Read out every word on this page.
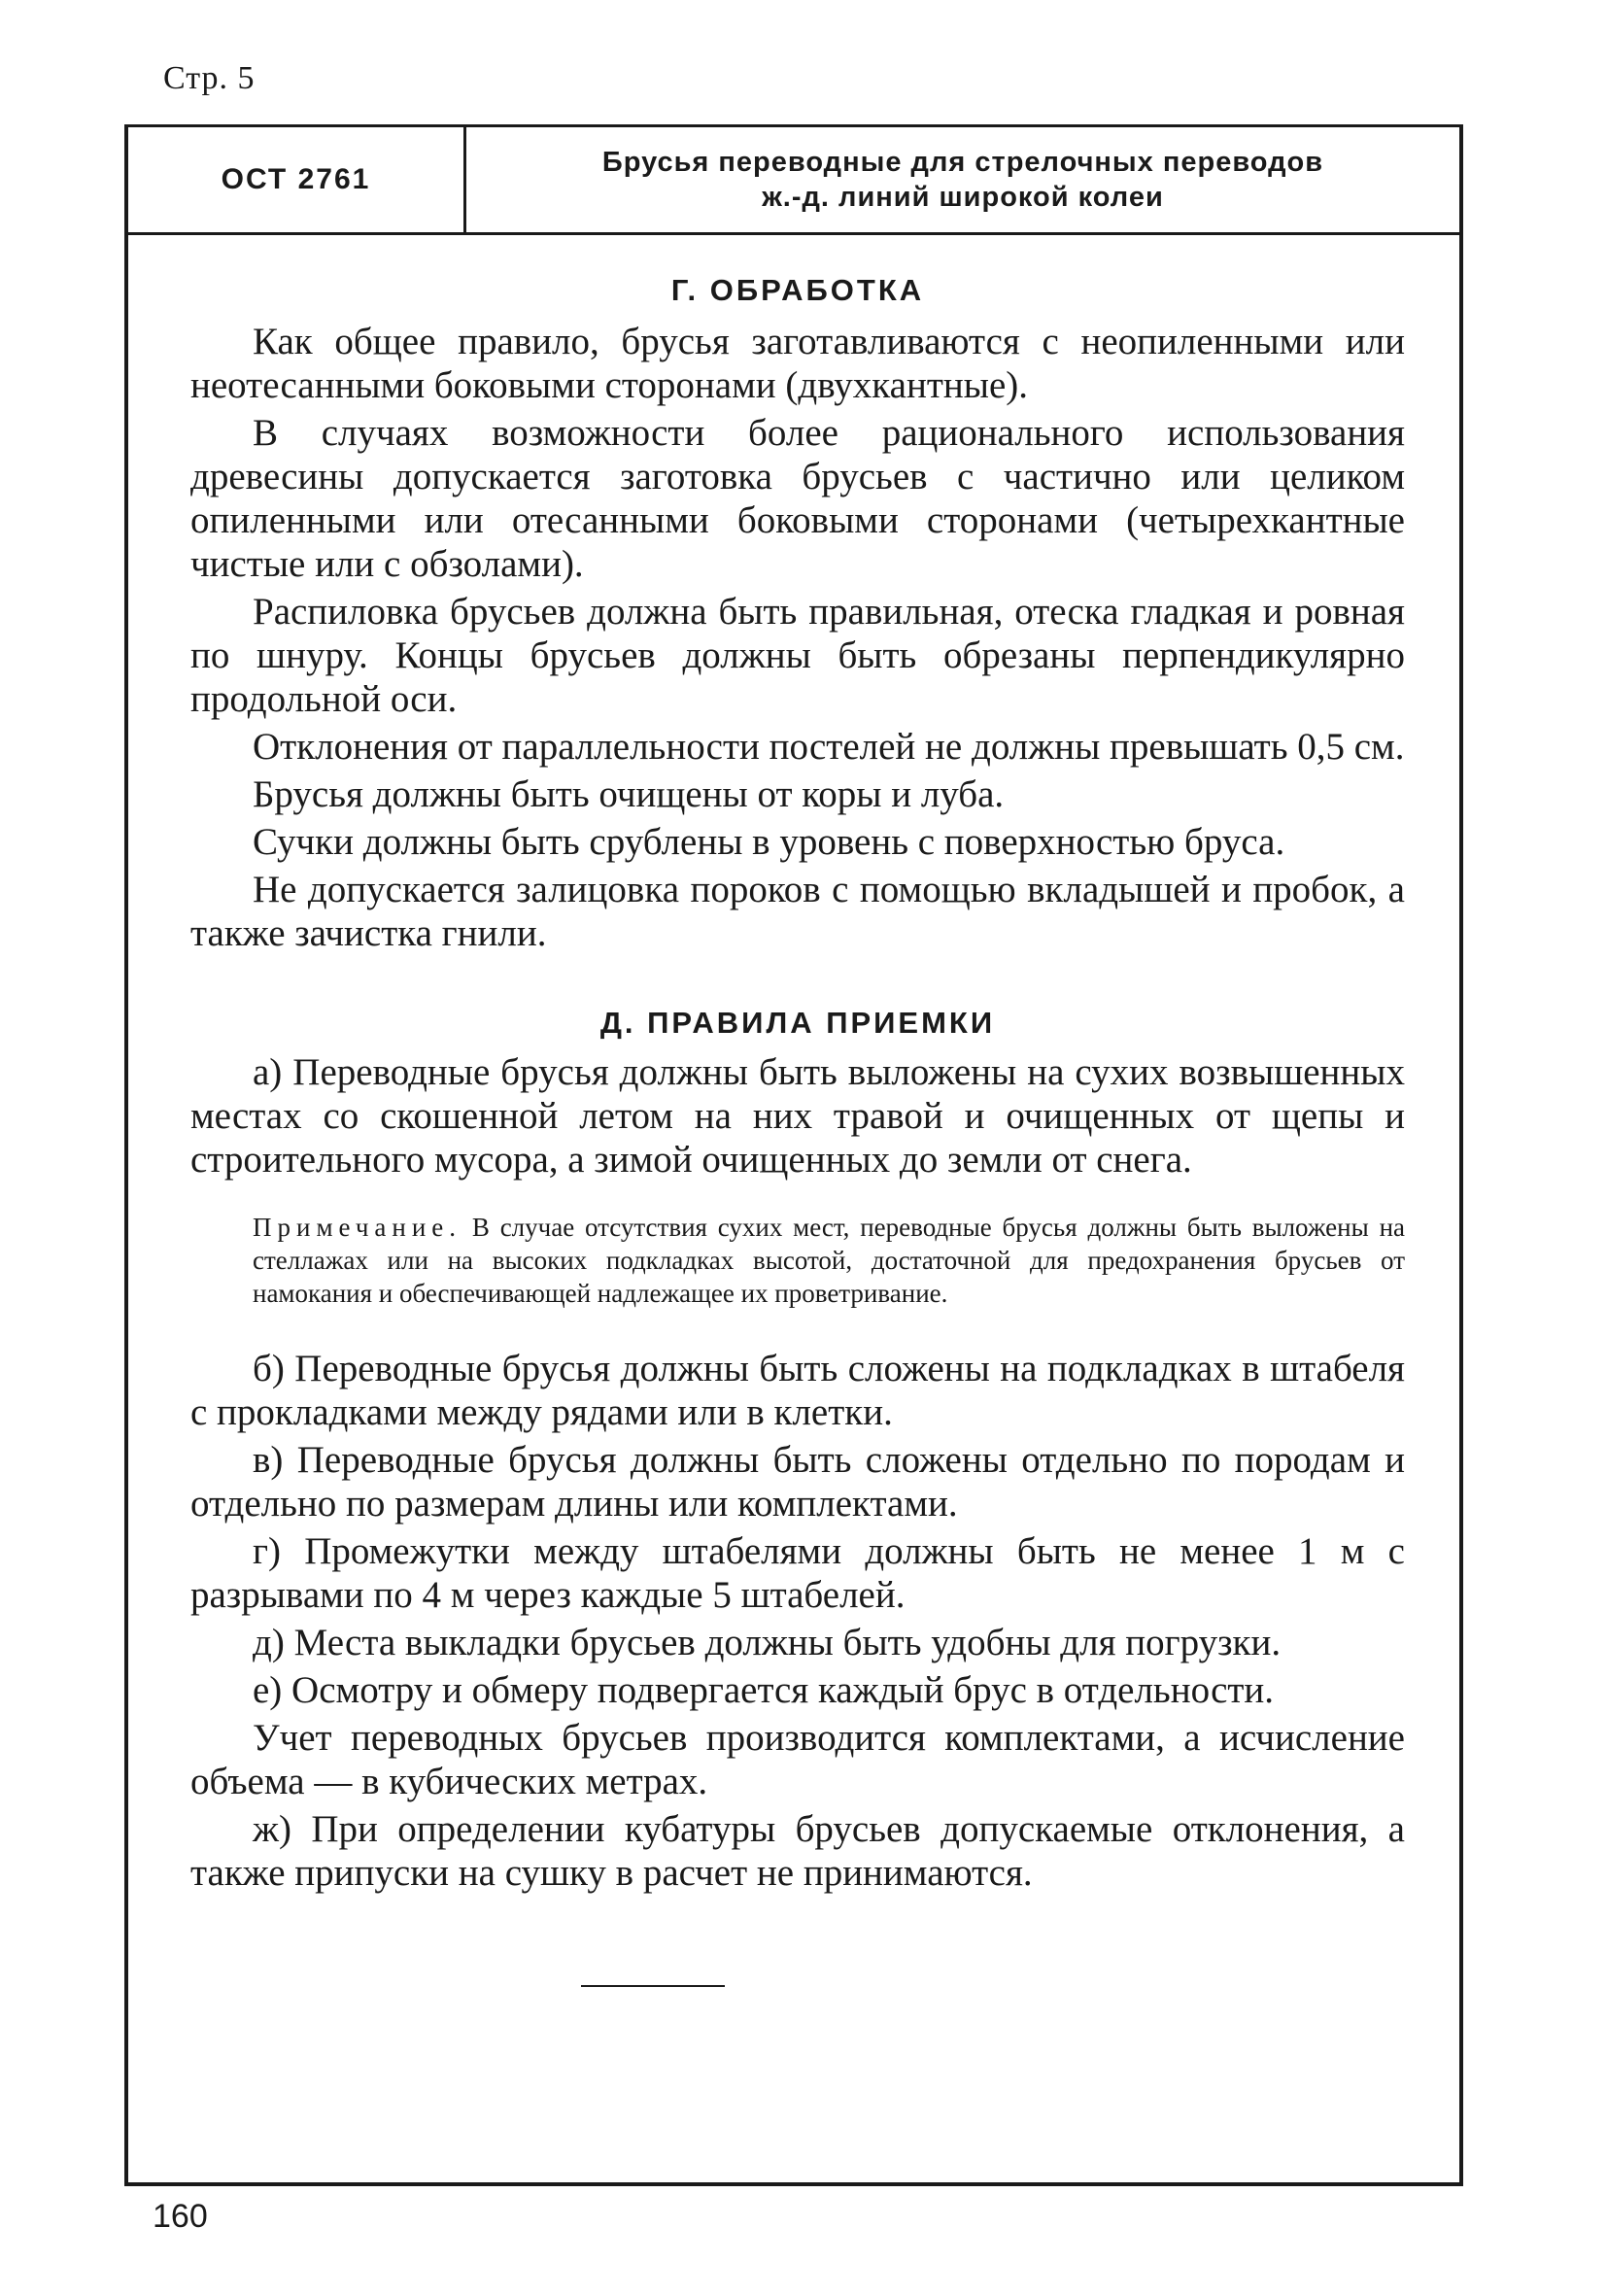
Стр. 5
ОСТ 2761
Брусья переводные для стрелочных переводов
ж.-д. линий широкой колеи
Г. ОБРАБОТКА

Как общее правило, брусья заготавливаются с неопиленными или неотесанными боковыми сторонами (двухкантные).

В случаях возможности более рационального использования древесины допускается заготовка брусьев с частично или целиком опиленными или отесанными боковыми сторонами (четырехкантные чистые или с обзолами).

Распиловка брусьев должна быть правильная, отеска гладкая и ровная по шнуру. Концы брусьев должны быть обрезаны перпендикулярно продольной оси.

Отклонения от параллельности постелей не должны превышать 0,5 см.

Брусья должны быть очищены от коры и луба.

Сучки должны быть срублены в уровень с поверхностью бруса.

Не допускается залицовка пороков с помощью вкладышей и пробок, а также зачистка гнили.

Д. ПРАВИЛА ПРИЕМКИ

а) Переводные брусья должны быть выложены на сухих возвышенных местах со скошенной летом на них травой и очищенных от щепы и строительного мусора, а зимой очищенных до земли от снега.

Примечание. В случае отсутствия сухих мест, переводные брусья должны быть выложены на стеллажах или на высоких подкладках высотой, достаточной для предохранения брусьев от намокания и обеспечивающей надлежащее их проветривание.

б) Переводные брусья должны быть сложены на подкладках в штабеля с прокладками между рядами или в клетки.

в) Переводные брусья должны быть сложены отдельно по породам и отдельно по размерам длины или комплектами.

г) Промежутки между штабелями должны быть не менее 1 м с разрывами по 4 м через каждые 5 штабелей.

д) Места выкладки брусьев должны быть удобны для погрузки.

е) Осмотру и обмеру подвергается каждый брус в отдельности.

Учет переводных брусьев производится комплектами, а исчисление объема — в кубических метрах.

ж) При определении кубатуры брусьев допускаемые отклонения, а также припуски на сушку в расчет не принимаются.

160
